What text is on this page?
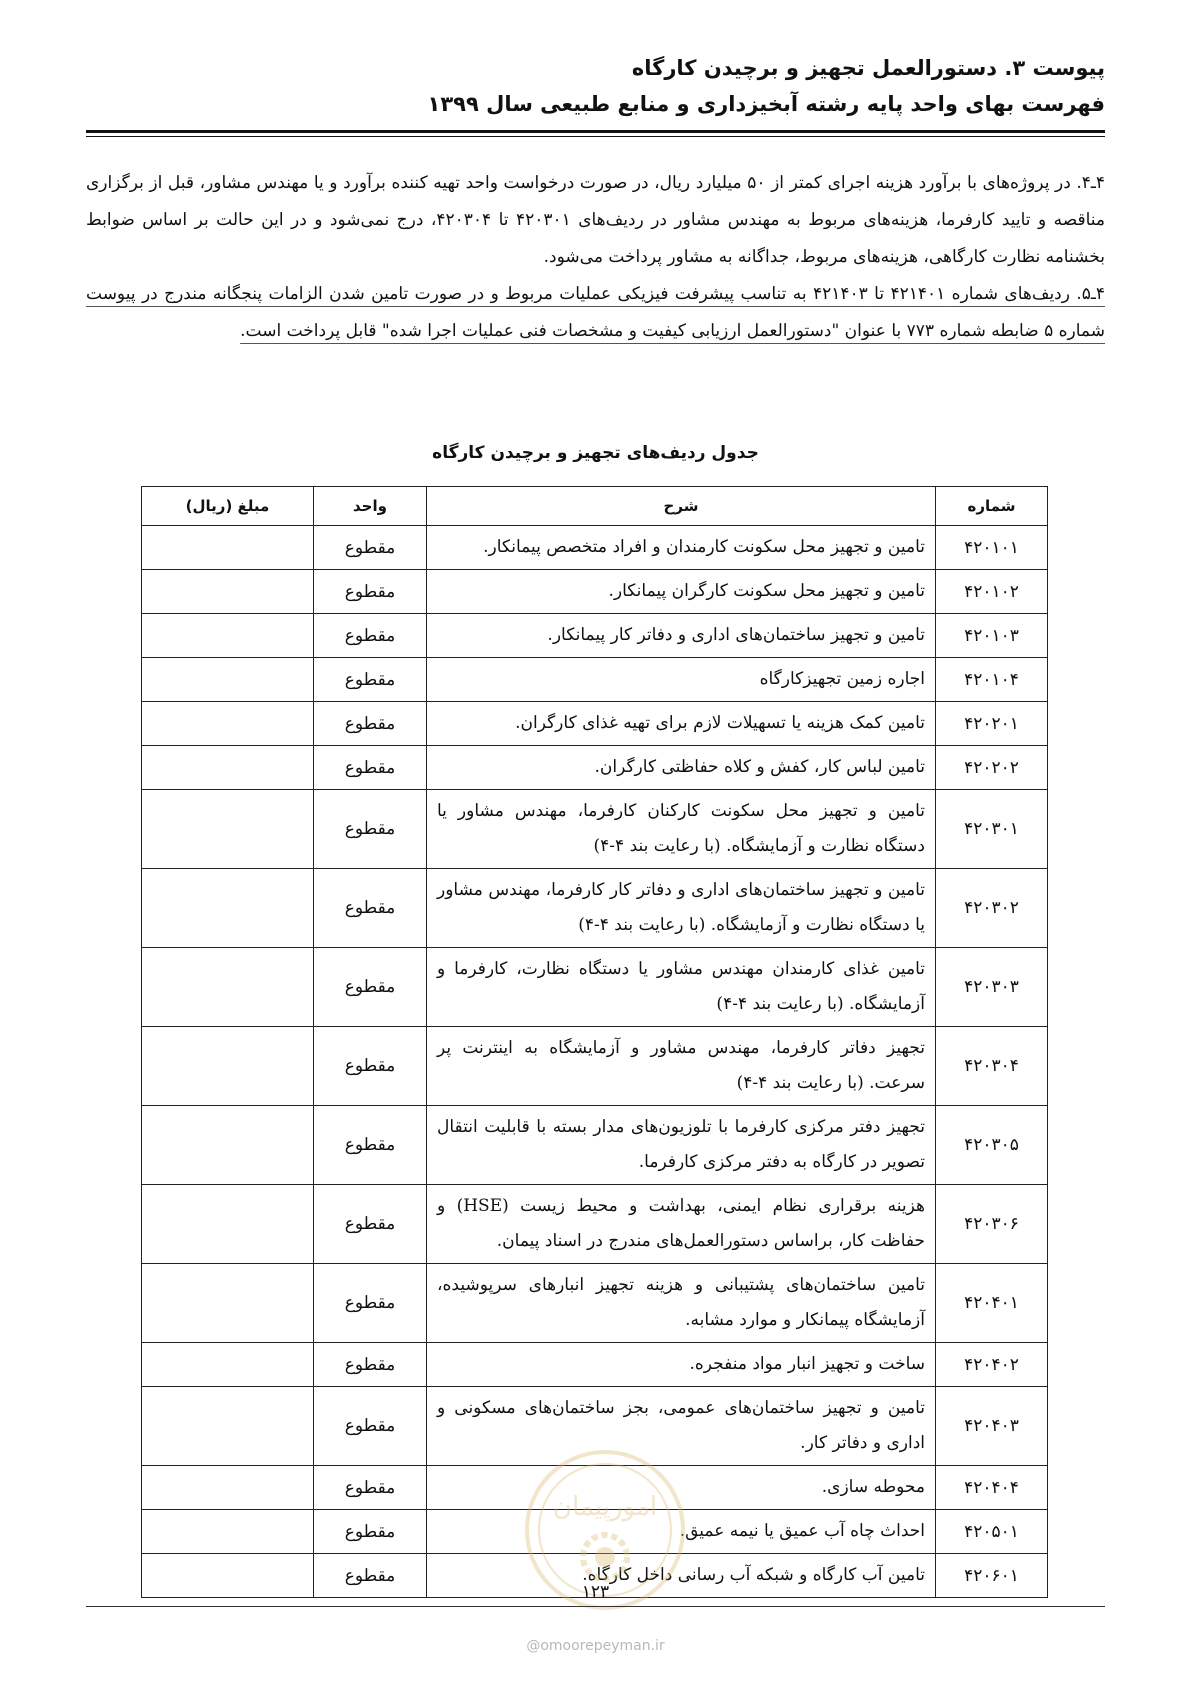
پیوست ۳. دستورالعمل تجهیز و برچیدن کارگاه
فهرست بهای واحد پایه رشته آبخیزداری و منابع طبیعی سال ۱۳۹۹

۴ـ۴. در پروژه‌های با برآورد هزینه اجرای کمتر از ۵۰ میلیارد ریال، در صورت درخواست واحد تهیه کننده برآورد و یا مهندس مشاور، قبل از برگزاری مناقصه و تایید کارفرما، هزینه‌های مربوط به مهندس مشاور در ردیف‌های ۴۲۰۳۰۱ تا ۴۲۰۳۰۴، درج نمی‌شود و در این حالت بر اساس ضوابط بخشنامه نظارت کارگاهی، هزینه‌های مربوط، جداگانه به مشاور پرداخت می‌شود.

۴ـ۵. ردیف‌های شماره ۴۲۱۴۰۱ تا ۴۲۱۴۰۳ به تناسب پیشرفت فیزیکی عملیات مربوط و در صورت تامین شدن الزامات پنجگانه مندرج در پیوست شماره ۵ ضابطه شماره ۷۷۳ با عنوان "دستورالعمل ارزیابی کیفیت و مشخصات فنی عملیات اجرا شده" قابل پرداخت است.

جدول ردیف‌های تجهیز و برچیدن کارگاه
شماره	شرح	واحد	مبلغ (ریال)
۴۲۰۱۰۱	تامین و تجهیز محل سکونت کارمندان و افراد متخصص پیمانکار.	مقطوع	
۴۲۰۱۰۲	تامین و تجهیز محل سکونت کارگران پیمانکار.	مقطوع	
۴۲۰۱۰۳	تامین و تجهیز ساختمان‌های اداری و دفاتر کار پیمانکار.	مقطوع	
۴۲۰۱۰۴	اجاره زمین تجهیزکارگاه	مقطوع	
۴۲۰۲۰۱	تامین کمک هزینه یا تسهیلات لازم برای تهیه غذای کارگران.	مقطوع	
۴۲۰۲۰۲	تامین لباس کار، کفش و کلاه حفاظتی کارگران.	مقطوع	
۴۲۰۳۰۱	تامین و تجهیز محل سکونت کارکنان کارفرما، مهندس مشاور یا دستگاه نظارت و آزمایشگاه. (با رعایت بند ۴-۴)	مقطوع	
۴۲۰۳۰۲	تامین و تجهیز ساختمان‌های اداری و دفاتر کار کارفرما، مهندس مشاور یا دستگاه نظارت و آزمایشگاه. (با رعایت بند ۴-۴)	مقطوع	
۴۲۰۳۰۳	تامین غذای کارمندان مهندس مشاور یا دستگاه نظارت، کارفرما و آزمایشگاه. (با رعایت بند ۴-۴)	مقطوع	
۴۲۰۳۰۴	تجهیز دفاتر کارفرما، مهندس مشاور و آزمایشگاه به اینترنت پر سرعت. (با رعایت بند ۴-۴)	مقطوع	
۴۲۰۳۰۵	تجهیز دفتر مرکزی کارفرما با تلوزیون‌های مدار بسته با قابلیت انتقال تصویر در کارگاه به دفتر مرکزی کارفرما.	مقطوع	
۴۲۰۳۰۶	هزینه برقراری نظام ایمنی، بهداشت و محیط زیست (HSE) و حفاظت کار، براساس دستورالعمل‌های مندرج در اسناد پیمان.	مقطوع	
۴۲۰۴۰۱	تامین ساختمان‌های پشتیبانی و هزینه تجهیز انبارهای سرپوشیده، آزمایشگاه پیمانکار و موارد مشابه.	مقطوع	
۴۲۰۴۰۲	ساخت و تجهیز انبار مواد منفجره.	مقطوع	
۴۲۰۴۰۳	تامین و تجهیز ساختمان‌های عمومی، بجز ساختمان‌های مسکونی و اداری و دفاتر کار.	مقطوع	
۴۲۰۴۰۴	محوطه سازی.	مقطوع	
۴۲۰۵۰۱	احداث چاه آب عمیق یا نیمه عمیق.	مقطوع	
۴۲۰۶۰۱	تامین آب کارگاه و شبکه آب رسانی داخل کارگاه.	مقطوع	
امورپیمان
۱۲۳
@omoorepeyman.ir
